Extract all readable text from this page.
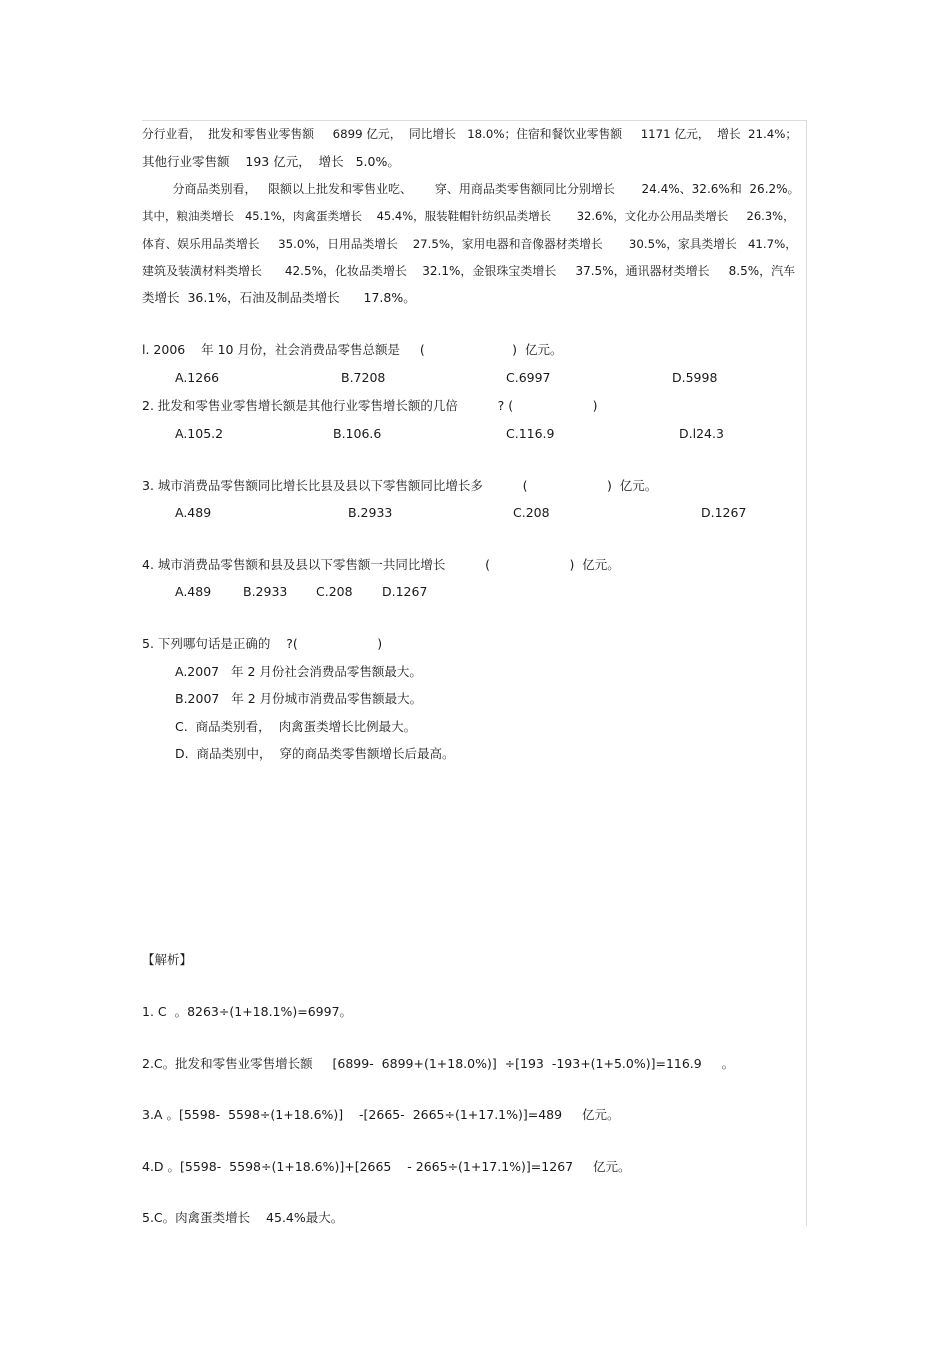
分行业看，  批发和零售业零售额     6899 亿元，  同比增长   18.0%；住宿和餐饮业零售额     1171 亿元，  增长  21.4%；
其他行业零售额    193 亿元，  增长   5.0%。
分商品类别看，   限额以上批发和零售业吃、      穿、用商品类零售额同比分别增长       24.4%、32.6%和  26.2%。
其中，粮油类增长   45.1%，肉禽蛋类增长    45.4%，服装鞋帽针纺织品类增长       32.6%，文化办公用品类增长     26.3%，
体育、娱乐用品类增长     35.0%，日用品类增长    27.5%，家用电器和音像器材类增长       30.5%，家具类增长   41.7%，
建筑及装潢材料类增长      42.5%，化妆品类增长    32.1%，金银珠宝类增长     37.5%，通讯器材类增长     8.5%，汽车
类增长  36.1%，石油及制品类增长      17.8%。
l. 2006    年 10 月份，社会消费品零售总额是     (                      )  亿元。
A.1266	B.7208	C.6997	D.5998
2. 批发和零售业零售增长额是其他行业零售增长额的几倍          ? (                    )
A.105.2	B.106.6	C.116.9	D.l24.3
3. 城市消费品零售额同比增长比县及县以下零售额同比增长多          (                    )  亿元。
A.489	B.2933	C.208	D.1267
4. 城市消费品零售额和县及县以下零售额一共同比增长          (                    )  亿元。
A.489	B.2933 C.208 D.1267
5. 下列哪句话是正确的    ?(                    )
A.2007   年 2 月份社会消费品零售额最大。
B.2007   年 2 月份城市消费品零售额最大。
C.  商品类别看，  肉禽蛋类增长比例最大。
D.  商品类别中，  穿的商品类零售额增长后最高。
【解析】
1. C  。8263÷(1+18.1%)=6997。
2.C。批发和零售业零售增长额     [6899-  6899+(1+18.0%)]  ÷[193  -193+(1+5.0%)]=116.9     。
3.A 。[5598-  5598÷(1+18.6%)]    -[2665-  2665÷(1+17.1%)]=489     亿元。
4.D 。[5598-  5598÷(1+18.6%)]+[2665    - 2665÷(1+17.1%)]=1267     亿元。
5.C。肉禽蛋类增长    45.4%最大。
